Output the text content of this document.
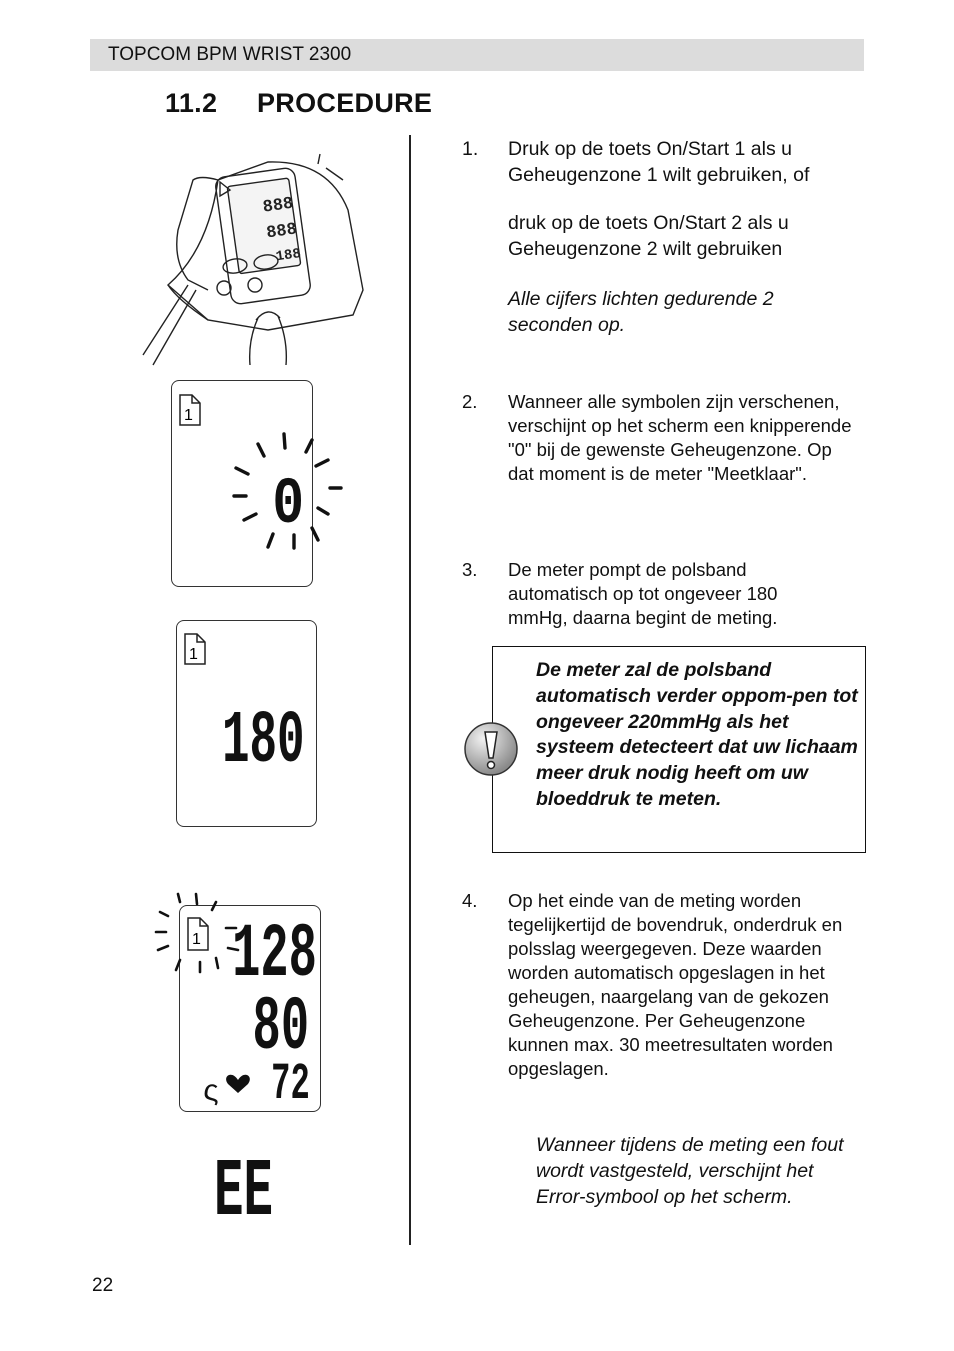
TOPCOM BPM WRIST 2300
11.2 PROCEDURE
888
888
188
1
0
1
180
1 128
80
ς 72
EE
1. Druk op de toets On/Start 1 als u Geheugenzone 1 wilt gebruiken, of
druk op de toets On/Start 2 als u Geheugenzone 2 wilt gebruiken
Alle cijfers lichten gedurende 2 seconden op.
2. Wanneer alle symbolen zijn verschenen, verschijnt op het scherm een knipperende "0" bij de gewenste Geheugenzone. Op dat moment is de meter "Meetklaar".
3. De meter pompt de polsband automatisch op tot ongeveer 180 mmHg, daarna begint de meting.
De meter zal de polsband automatisch verder oppom-pen tot ongeveer 220mmHg als het systeem detecteert dat uw lichaam meer druk nodig heeft om uw bloeddruk te meten.
4. Op het einde van de meting worden tegelijkertijd de bovendruk, onderdruk en polsslag weergegeven. Deze waarden worden automatisch opgeslagen in het geheugen, naargelang van de gekozen Geheugenzone. Per Geheugenzone kunnen max. 30 meetresultaten worden opgeslagen.
Wanneer tijdens de meting een fout wordt vastgesteld, verschijnt het Error-symbool op het scherm.
22
